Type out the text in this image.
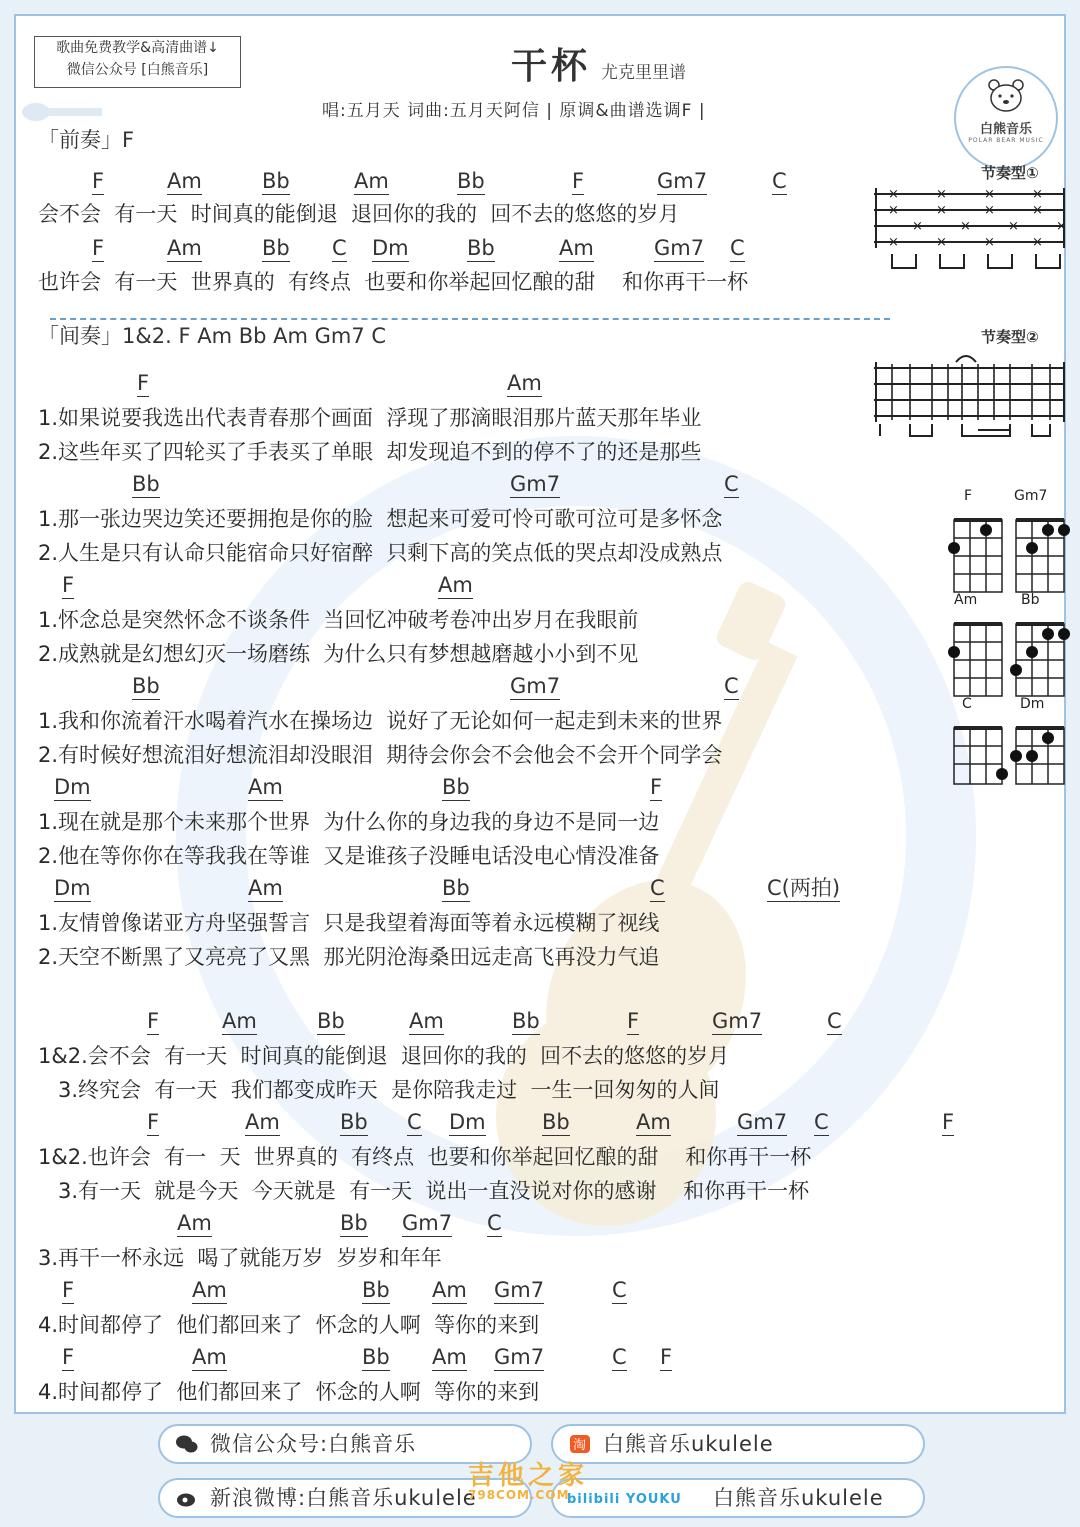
歌曲免费教学&高清曲谱↓
微信公众号 [白熊音乐]	干杯 尤克里里谱
唱:五月天 词曲:五月天阿信 | 原调&曲谱选调F |
白熊音乐
POLAR BEAR MUSIC
节奏型①
×	×	×	×
×	×	×	×
×	×	×	×
×	×	×	×
节奏型②
F	Gm7
Am	Bb
C	Dm
「前奏」F
F	Am	Bb	Am	Bb	F	Gm7	C
会不会  有一天  时间真的能倒退  退回你的我的  回不去的悠悠的岁月
F	Am	Bb C Dm	Bb	Am	Gm7 C
也许会  有一天  世界真的  有终点  也要和你举起回忆酿的甜    和你再干一杯
「间奏」1&2. F Am Bb Am Gm7 C
F	Am
1.如果说要我选出代表青春那个画面  浮现了那滴眼泪那片蓝天那年毕业
2.这些年买了四轮买了手表买了单眼  却发现追不到的停不了的还是那些
Bb	Gm7	C
1.那一张边哭边笑还要拥抱是你的脸  想起来可爱可怜可歌可泣可是多怀念
2.人生是只有认命只能宿命只好宿醉  只剩下高的笑点低的哭点却没成熟点
F	Am
1.怀念总是突然怀念不谈条件  当回忆冲破考卷冲出岁月在我眼前
2.成熟就是幻想幻灭一场磨练  为什么只有梦想越磨越小小到不见
Bb	Gm7	C
1.我和你流着汗水喝着汽水在操场边  说好了无论如何一起走到未来的世界
2.有时候好想流泪好想流泪却没眼泪  期待会你会不会他会不会开个同学会
Dm	Am	Bb	F
1.现在就是那个未来那个世界  为什么你的身边我的身边不是同一边
2.他在等你你在等我我在等谁  又是谁孩子没睡电话没电心情没准备
Dm	Am	Bb	C	C(两拍)
1.友情曾像诺亚方舟坚强誓言  只是我望着海面等着永远模糊了视线
2.天空不断黑了又亮亮了又黑  那光阴沧海桑田远走高飞再没力气追
F	Am	Bb	Am	Bb	F	Gm7	C
1&2.会不会  有一天  时间真的能倒退  退回你的我的  回不去的悠悠的岁月
3.终究会  有一天  我们都变成昨天  是你陪我走过  一生一回匆匆的人间
F	Am	Bb C Dm	Bb	Am	Gm7 C	F
1&2.也许会  有一  天  世界真的  有终点  也要和你举起回忆酿的甜    和你再干一杯
3.有一天  就是今天  今天就是  有一天  说出一直没说对你的感谢    和你再干一杯
Am	Bb Gm7 C
3.再干一杯永远  喝了就能万岁  岁岁和年年
F	Am	Bb Am Gm7	C
4.时间都停了  他们都回来了  怀念的人啊  等你的来到
F	Am	Bb Am Gm7	C F
4.时间都停了  他们都回来了  怀念的人啊  等你的来到
微信公众号:白熊音乐	淘 白熊音乐ukulele
新浪微博:白熊音乐ukulele	bilibili YOUKU 白熊音乐ukulele
吉他之家
798COM.COM
